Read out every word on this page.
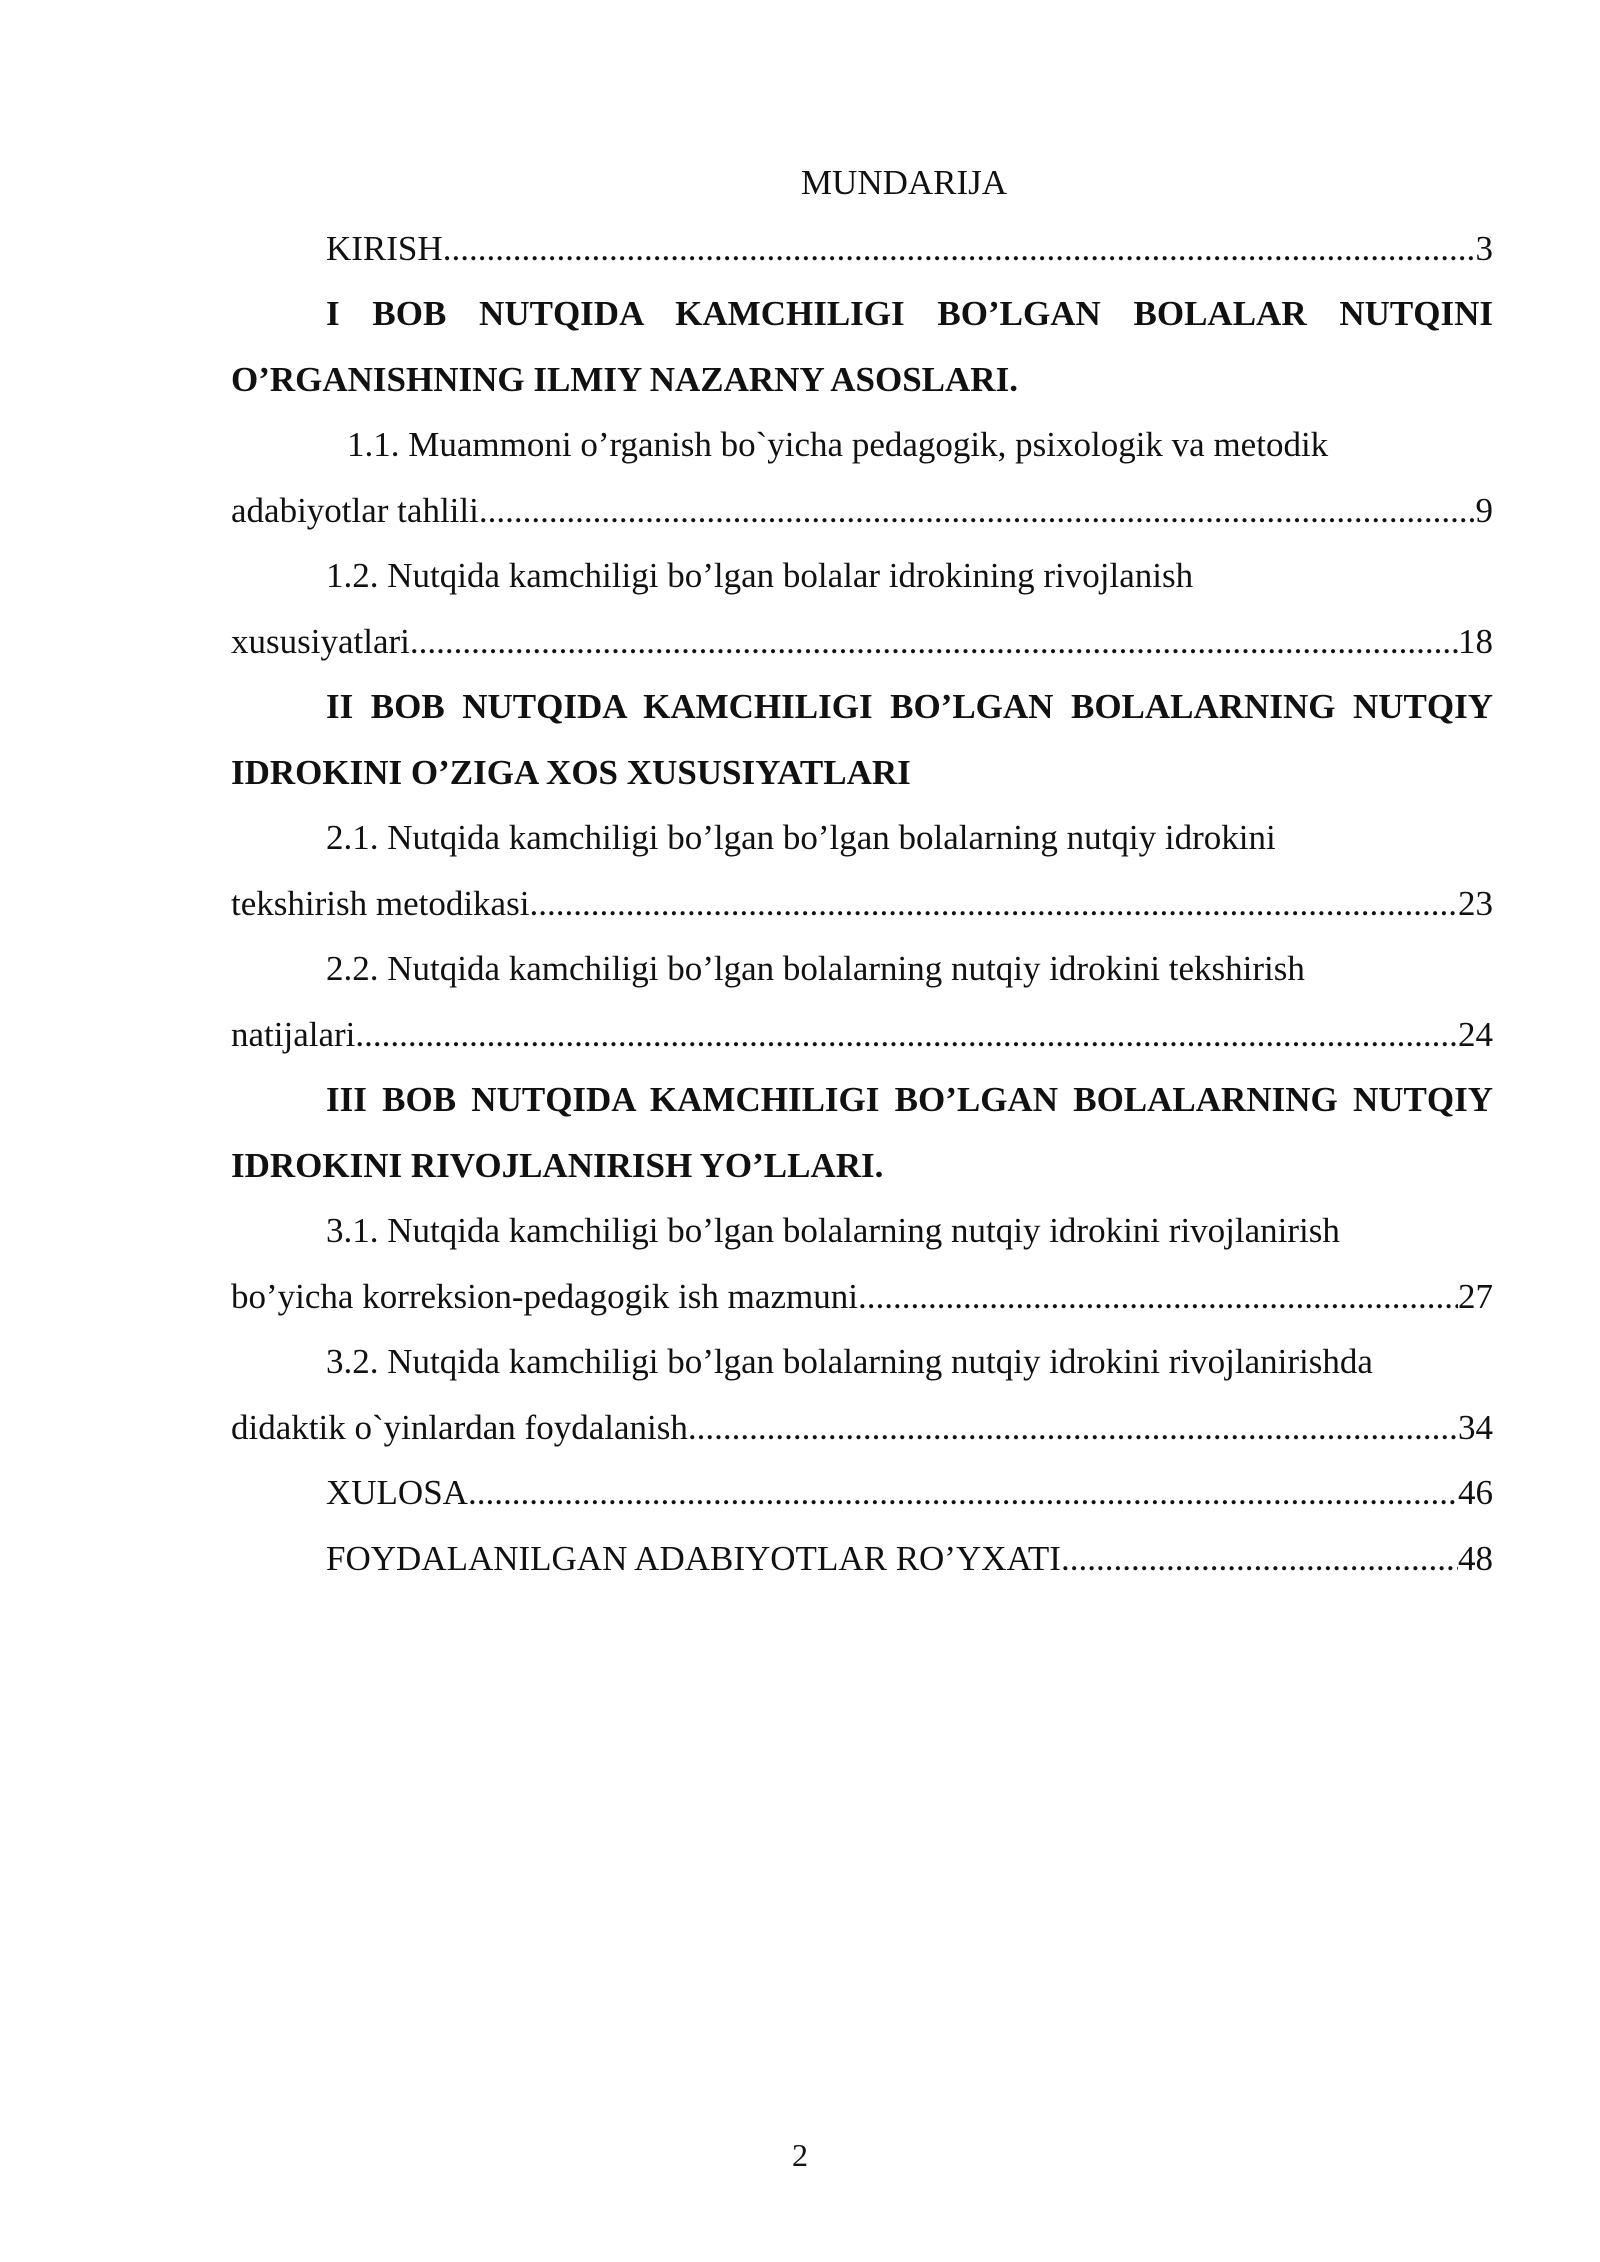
MUNDARIJA
KIRISH .....	3

I BOB NUTQIDA KAMCHILIGI BO’LGAN BOLALAR NUTQINI O’RGANISHNING ILMIY NAZARNY ASOSLARI.

1.1. Muammoni o’rganish bo`yicha pedagogik, psixologik va metodik

adabiyotlar tahlili .....	9

1.2. Nutqida kamchiligi bo’lgan bolalar idrokining rivojlanish

xususiyatlari .....	18

II BOB NUTQIDA KAMCHILIGI BO’LGAN BOLALARNING NUTQIY IDROKINI O’ZIGA XOS XUSUSIYATLARI

2.1. Nutqida kamchiligi bo’lgan bo’lgan bolalarning nutqiy idrokini

tekshirish metodikasi .....	23

2.2. Nutqida kamchiligi bo’lgan bolalarning nutqiy idrokini tekshirish

natijalari .....	24

III BOB NUTQIDA KAMCHILIGI BO’LGAN BOLALARNING NUTQIY IDROKINI RIVOJLANIRISH YO’LLARI.

3.1. Nutqida kamchiligi bo’lgan bolalarning nutqiy idrokini rivojlanirish

bo’yicha korreksion-pedagogik ish mazmuni .....	27

3.2. Nutqida kamchiligi bo’lgan bolalarning nutqiy idrokini rivojlanirishda

didaktik o`yinlardan foydalanish. .....	34
XULOSA .....	46
FOYDALANILGAN ADABIYOTLAR RO’YXATI .....	48
2
